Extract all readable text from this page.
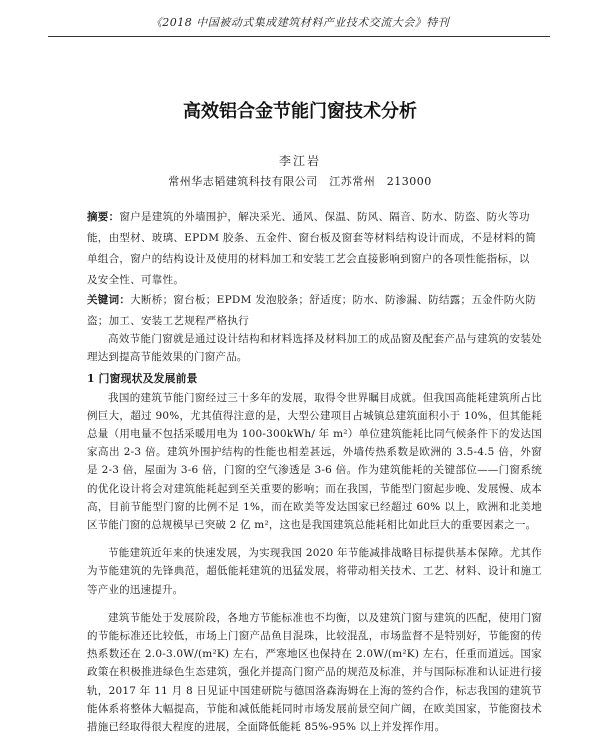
《2018 中国被动式集成建筑材料产业技术交流大会》特刊
高效铝合金节能门窗技术分析
李江岩
常州华志韬建筑科技有限公司　江苏常州　213000
摘要：窗户是建筑的外墙围护，解决采光、通风、保温、防风、隔音、防水、防盗、防火等功能，由型材、玻璃、EPDM 胶条、五金件、窗台板及窗套等材料结构设计而成，不是材料的简单组合，窗户的结构设计及使用的材料加工和安装工艺会直接影响到窗户的各项性能指标，以及安全性、可靠性。
关键词：大断桥；窗台板；EPDM 发泡胶条；舒适度；防水、防渗漏、防结露；五金件防火防盗；加工、安装工艺规程严格执行

高效节能门窗就是通过设计结构和材料选择及材料加工的成品窗及配套产品与建筑的安装处理达到提高节能效果的门窗产品。

1 门窗现状及发展前景

我国的建筑节能门窗经过三十多年的发展，取得令世界瞩目成就。但我国高能耗建筑所占比例巨大，超过 90%，尤其值得注意的是，大型公建项目占城镇总建筑面积小于 10%，但其能耗总量（用电量不包括采暖用电为 100-300kWh/ 年 m²）单位建筑能耗比同气候条件下的发达国家高出 2-3 倍。建筑外围护结构的性能也相差甚远，外墙传热系数是欧洲的 3.5-4.5 倍，外窗是 2-3 倍，屋面为 3-6 倍，门窗的空气渗透是 3-6 倍。作为建筑能耗的关键部位——门窗系统的优化设计将会对建筑能耗起到至关重要的影响；而在我国，节能型门窗起步晚、发展慢、成本高，目前节能型门窗的比例不足 1%，而在欧美等发达国家已经超过 60% 以上，欧洲和北美地区节能门窗的总规模早已突破 2 亿 m²，这也是我国建筑总能耗相比如此巨大的重要因素之一。

节能建筑近年来的快速发展，为实现我国 2020 年节能减排战略目标提供基本保障。尤其作为节能建筑的先锋典范，超低能耗建筑的迅猛发展，将带动相关技术、工艺、材料、设计和施工等产业的迅速提升。

建筑节能处于发展阶段，各地方节能标准也不均衡，以及建筑门窗与建筑的匹配，使用门窗的节能标准还比较低，市场上门窗产品鱼目混珠，比较混乱，市场监督不是特别好，节能窗的传热系数还在 2.0-3.0W/(m²K) 左右，严寒地区也保持在 2.0W/(m²K) 左右，任重而道远。国家政策在积极推进绿色生态建筑，强化并提高门窗产品的规范及标准，并与国际标准和认证进行接轨，2017 年 11 月 8 日见证中国建研院与德国洛森海姆在上海的签约合作，标志我国的建筑节能体系将整体大幅提高，节能和减低能耗同时市场发展前景空间广阔，在欧美国家，节能窗技术措施已经取得很大程度的进展，全面降低能耗 85%-95% 以上并发挥作用。
